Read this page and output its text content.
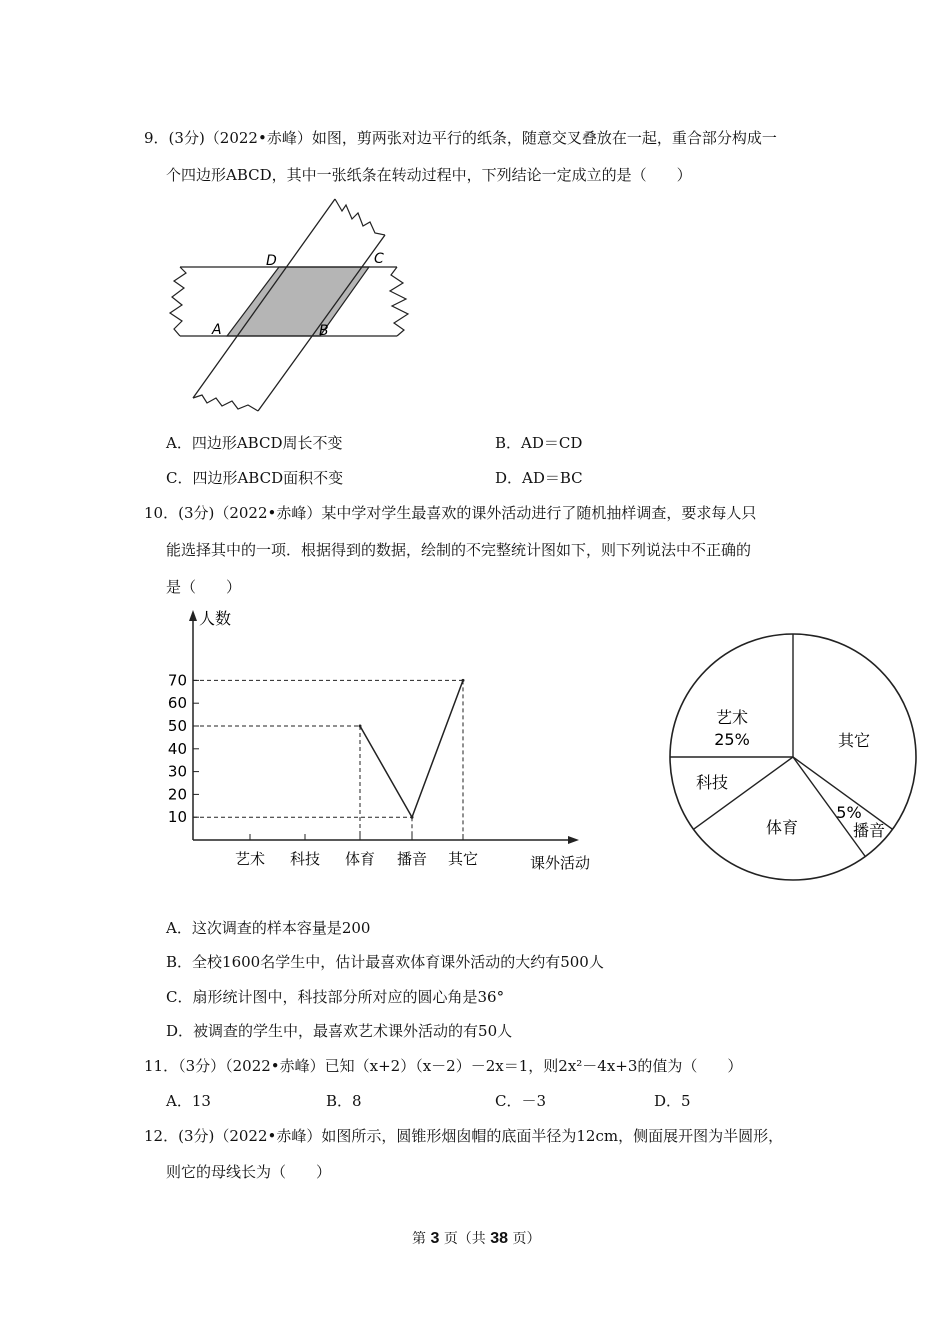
9．(3分)（2022•赤峰）如图，剪两张对边平行的纸条，随意交叉叠放在一起，重合部分构成一
个四边形ABCD，其中一张纸条在转动过程中，下列结论一定成立的是（　　）
D	C
A	B
A．四边形ABCD周长不变	B．AD＝CD
C．四边形ABCD面积不变	D．AD＝BC
10．(3分)（2022•赤峰）某中学对学生最喜欢的课外活动进行了随机抽样调查，要求每人只
能选择其中的一项．根据得到的数据，绘制的不完整统计图如下，则下列说法中不正确的
是（　　）
人数
课外活动
10
20
30
40
50
60
70
艺术 科技 体育 播音 其它
其它
播音
5%
体育
科技
艺术
25%
A．这次调查的样本容量是200
B．全校1600名学生中，估计最喜欢体育课外活动的大约有500人
C．扇形统计图中，科技部分所对应的圆心角是36°
D．被调查的学生中，最喜欢艺术课外活动的有50人
11．（3分）（2022•赤峰）已知（x+2）（x－2）－2x＝1，则2x²－4x+3的值为（　　）
A．13	B．8	C．－3	D．5
12．(3分)（2022•赤峰）如图所示，圆锥形烟囱帽的底面半径为12cm，侧面展开图为半圆形，
则它的母线长为（　　）
第 3 页（共 38 页）
